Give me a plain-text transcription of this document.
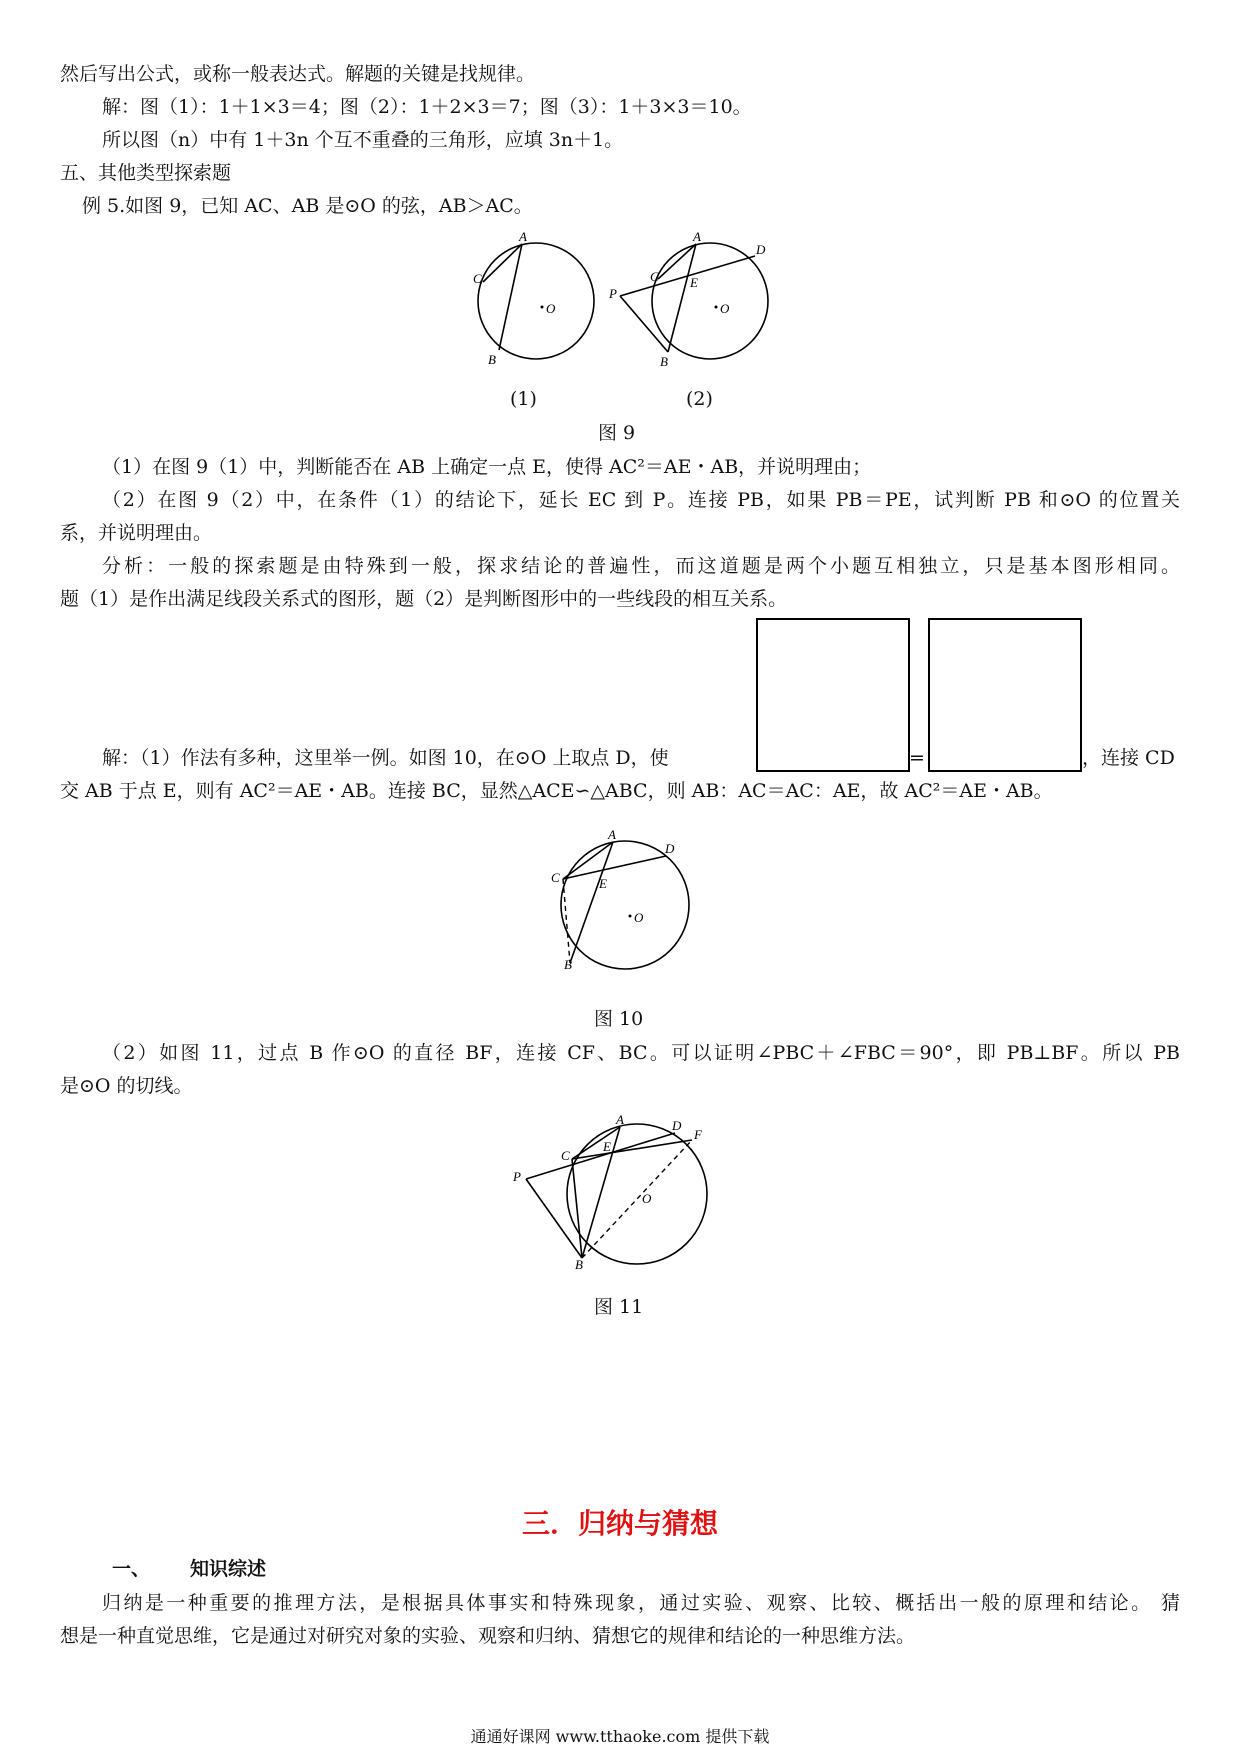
然后写出公式，或称一般表达式。解题的关键是找规律。
解：图（1）：1＋1×3＝4；图（2）：1＋2×3＝7；图（3）：1＋3×3＝10。
所以图（n）中有 1＋3n 个互不重叠的三角形，应填 3n＋1。
五、其他类型探索题
例 5.如图 9，已知 AC、AB 是⊙O 的弦，AB＞AC。
A
C
B
O
A
D
C E
P
B
O
(1)	(2)
图 9
（1）在图 9（1）中，判断能否在 AB 上确定一点 E，使得 AC²＝AE・AB，并说明理由；
（2）在图 9（2）中，在条件（1）的结论下，延长 EC 到 P。连接 PB，如果 PB＝PE，试判断 PB 和⊙O 的位置关
系，并说明理由。
分析：一般的探索题是由特殊到一般，探求结论的普遍性，而这道题是两个小题互相独立，只是基本图形相同。
题（1）是作出满足线段关系式的图形，题（2）是判断图形中的一些线段的相互关系。
解：（1）作法有多种，这里举一例。如图 10，在⊙O 上取点 D，使	=	，连接 CD
交 AB 于点 E，则有 AC²＝AE・AB。连接 BC，显然△ACE∽△ABC，则 AB：AC＝AC：AE，故 AC²＝AE・AB。
A
D
C	E
B
O
图 10
（2）如图 11，过点 B 作⊙O 的直径 BF，连接 CF、BC。可以证明∠PBC＋∠FBC＝90°，即 PB⊥BF。所以 PB
是⊙O 的切线。
A	D
F
C
E
P
B
O
图 11
三．归纳与猜想
一、 知识综述
归纳是一种重要的推理方法，是根据具体事实和特殊现象，通过实验、观察、比较、概括出一般的原理和结论。 猜
想是一种直觉思维，它是通过对研究对象的实验、观察和归纳、猜想它的规律和结论的一种思维方法。
通通好课网 www.tthaoke.com 提供下载
